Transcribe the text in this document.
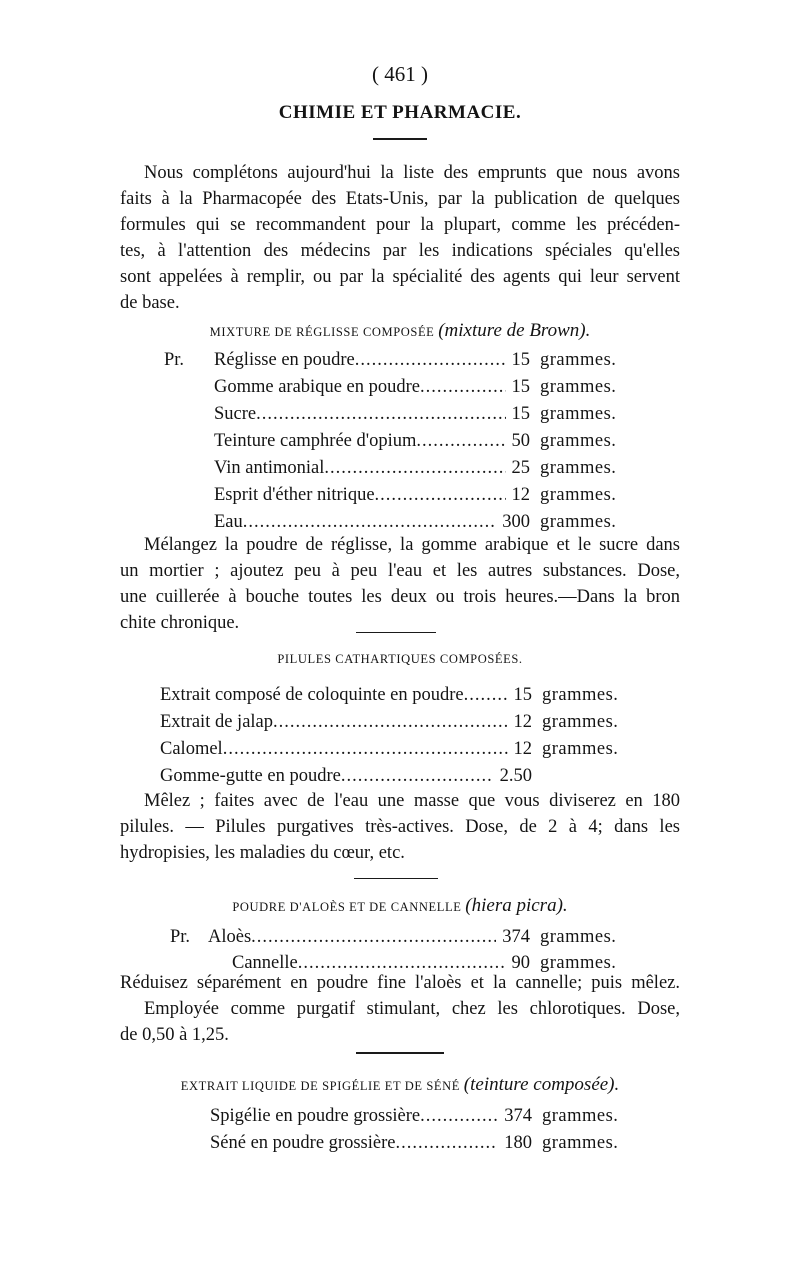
( 461 )
CHIMIE ET PHARMACIE.

Nous complétons aujourd'hui la liste des emprunts que nous avons
faits à la Pharmacopée des Etats-Unis, par la publication de quelques
formules qui se recommandent pour la plupart, comme les précéden-
tes, à l'attention des médecins par les indications spéciales qu'elles
sont appelées à remplir, ou par la spécialité des agents qui leur servent
de base.

MIXTURE DE RÉGLISSE COMPOSÉE (mixture de Brown).
Pr. Réglisse en poudre .....	15 grammes.
Gomme arabique en poudre .....	15 grammes.
Sucre .....	15 grammes.
Teinture camphrée d'opium .....	50 grammes.
Vin antimonial .....	25 grammes.
Esprit d'éther nitrique .....	12 grammes.
Eau .....	300 grammes.

Mélangez la poudre de réglisse, la gomme arabique et le sucre dans
un mortier ; ajoutez peu à peu l'eau et les autres substances. Dose,
une cuillerée à bouche toutes les deux ou trois heures.—Dans la bron
chite chronique.

PILULES CATHARTIQUES COMPOSÉES.
Extrait composé de coloquinte en poudre .....	15 grammes.
Extrait de jalap .....	12 grammes.
Calomel .....	12 grammes.
Gomme-gutte en poudre .....	2.50

Mêlez ; faites avec de l'eau une masse que vous diviserez en 180
pilules. — Pilules purgatives très-actives. Dose, de 2 à 4; dans les
hydropisies, les maladies du cœur, etc.

POUDRE D'ALOÈS ET DE CANNELLE (hiera picra).
Pr. Aloès .....	374 grammes.
Cannelle .....	90 grammes.

Réduisez séparément en poudre fine l'aloès et la cannelle; puis mêlez.
Employée comme purgatif stimulant, chez les chlorotiques. Dose,
de 0,50 à 1,25.

EXTRAIT LIQUIDE DE SPIGÉLIE ET DE SÉNÉ (teinture composée).
Spigélie en poudre grossière .....	374 grammes.
Séné en poudre grossière .....	180 grammes.
